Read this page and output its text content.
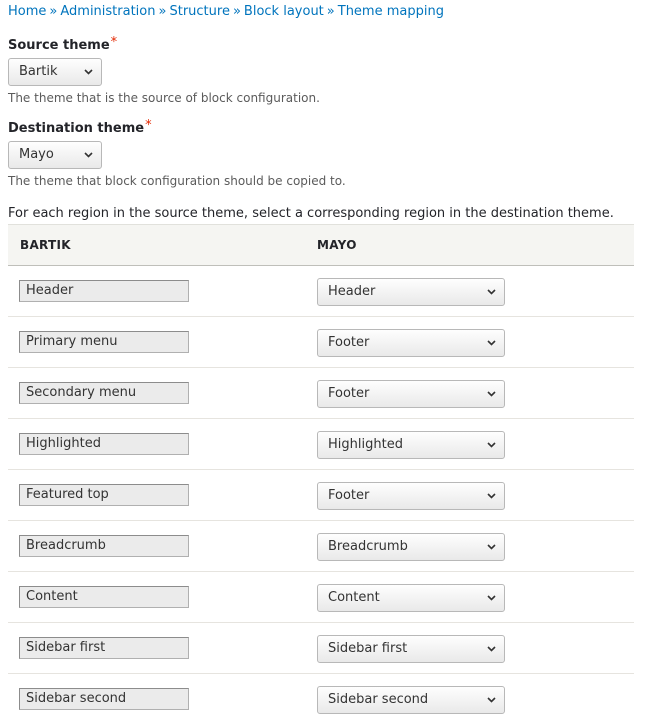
Home » Administration » Structure » Block layout » Theme mapping
Source theme*
Bartik
The theme that is the source of block configuration.
Destination theme*
Mayo
The theme that block configuration should be copied to.
For each region in the source theme, select a corresponding region in the destination theme.
BARTIK	MAYO
Header	Header
Primary menu	Footer
Secondary menu	Footer
Highlighted	Highlighted
Featured top	Footer
Breadcrumb	Breadcrumb
Content	Content
Sidebar first	Sidebar first
Sidebar second	Sidebar second
